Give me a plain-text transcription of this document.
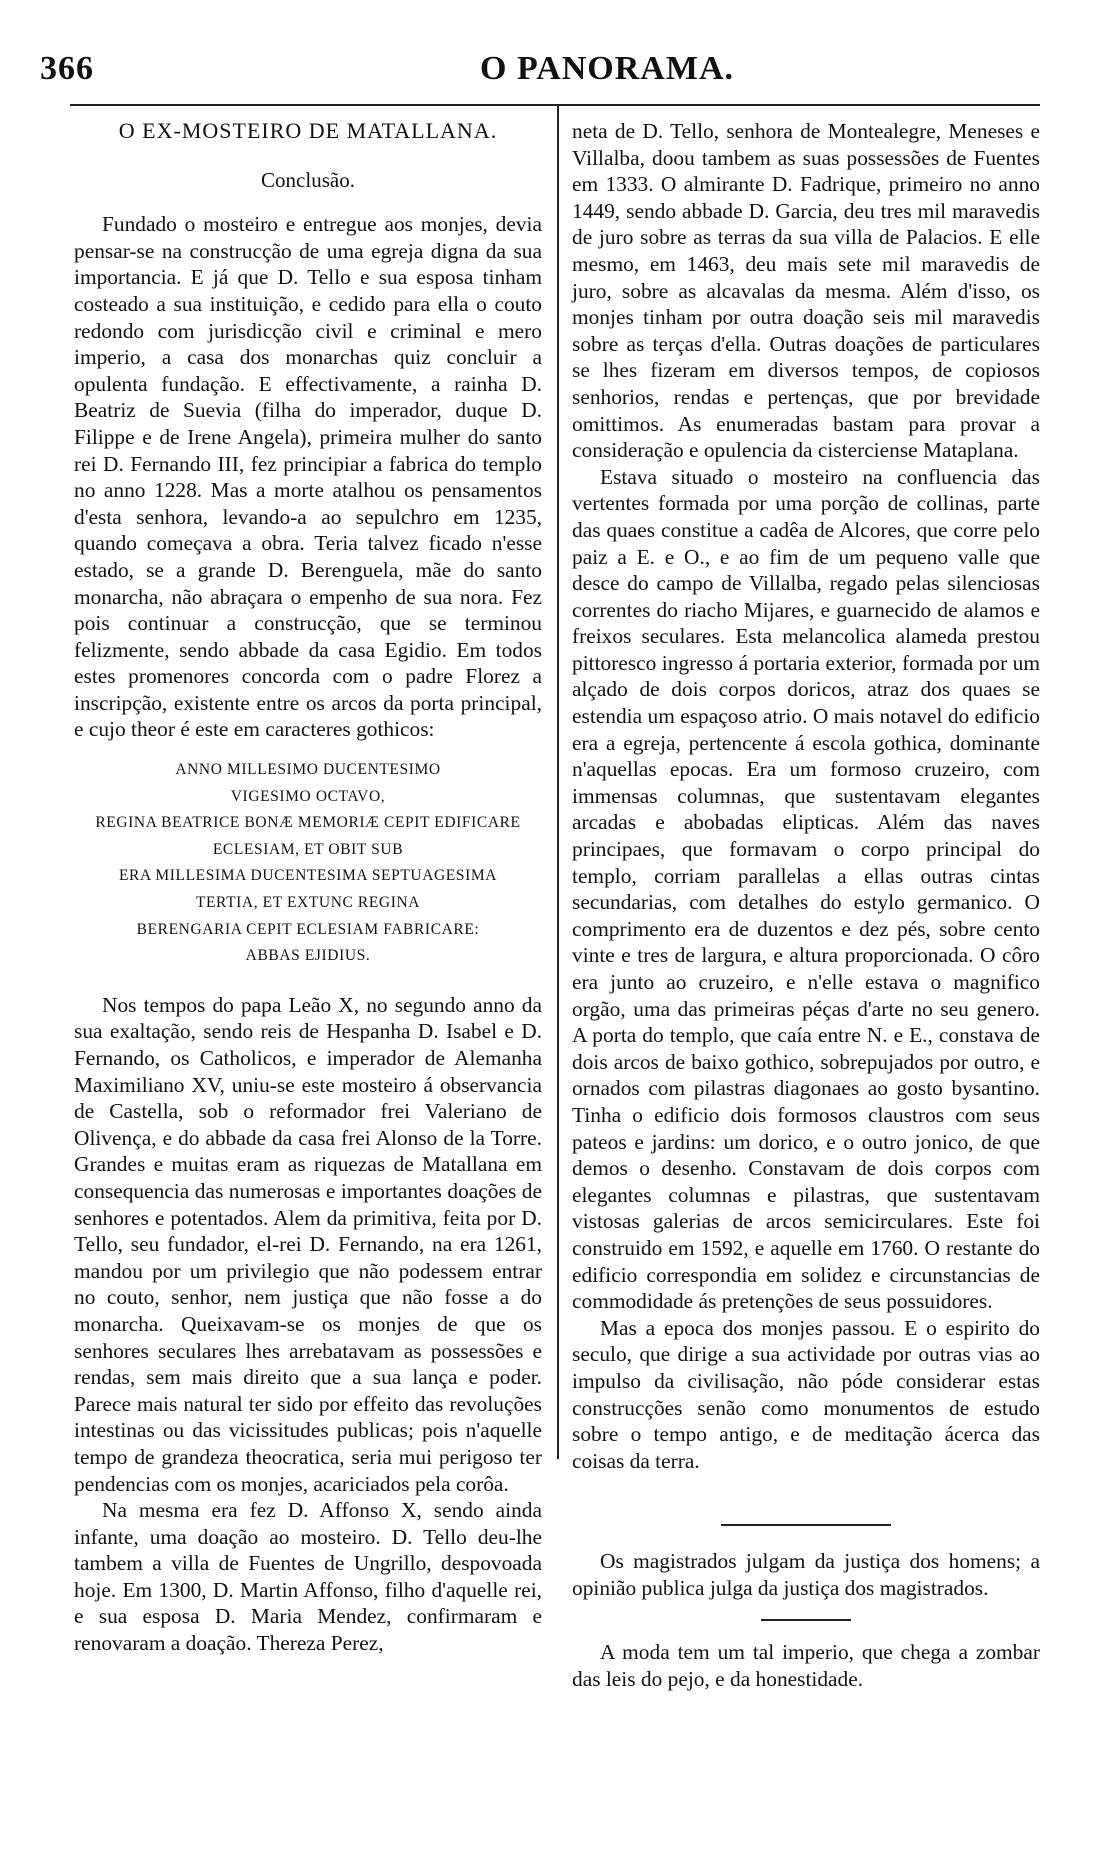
366	O PANORAMA.
O EX-MOSTEIRO DE MATALLANA.
Conclusão.

Fundado o mosteiro e entregue aos monjes, devia pensar-se na construcção de uma egreja digna da sua importancia. E já que D. Tello e sua esposa tinham costeado a sua instituição, e cedido para ella o couto redondo com jurisdicção civil e criminal e mero imperio, a casa dos monarchas quiz concluir a opulenta fundação. E effectivamente, a rainha D. Beatriz de Suevia (filha do imperador, duque D. Filippe e de Irene Angela), primeira mulher do santo rei D. Fernando III, fez principiar a fabrica do templo no anno 1228. Mas a morte atalhou os pensamentos d'esta senhora, levando-a ao sepulchro em 1235, quando começava a obra. Teria talvez ficado n'esse estado, se a grande D. Berenguela, mãe do santo monarcha, não abraçara o empenho de sua nora. Fez pois continuar a construcção, que se terminou felizmente, sendo abbade da casa Egidio. Em todos estes promenores concorda com o padre Florez a inscripção, existente entre os arcos da porta principal, e cujo theor é este em caracteres gothicos:

ANNO MILLESIMO DUCENTESIMO
VIGESIMO OCTAVO,
REGINA BEATRICE BONÆ MEMORIÆ CEPIT EDIFICARE
ECLESIAM, ET OBIT SUB
ERA MILLESIMA DUCENTESIMA SEPTUAGESIMA
TERTIA, ET EXTUNC REGINA
BERENGARIA CEPIT ECLESIAM FABRICARE:
ABBAS EJIDIUS.

Nos tempos do papa Leão X, no segundo anno da sua exaltação, sendo reis de Hespanha D. Isabel e D. Fernando, os Catholicos, e imperador de Alemanha Maximiliano XV, uniu-se este mosteiro á observancia de Castella, sob o reformador frei Valeriano de Olivença, e do abbade da casa frei Alonso de la Torre. Grandes e muitas eram as riquezas de Matallana em consequencia das numerosas e importantes doações de senhores e potentados. Alem da primitiva, feita por D. Tello, seu fundador, el-rei D. Fernando, na era 1261, mandou por um privilegio que não podessem entrar no couto, senhor, nem justiça que não fosse a do monarcha. Queixavam-se os monjes de que os senhores seculares lhes arrebatavam as possessões e rendas, sem mais direito que a sua lança e poder. Parece mais natural ter sido por effeito das revoluções intestinas ou das vicissitudes publicas; pois n'aquelle tempo de grandeza theocratica, seria mui perigoso ter pendencias com os monjes, acariciados pela corôa.

Na mesma era fez D. Affonso X, sendo ainda infante, uma doação ao mosteiro. D. Tello deu-lhe tambem a villa de Fuentes de Ungrillo, despovoada hoje. Em 1300, D. Martin Affonso, filho d'aquelle rei, e sua esposa D. Maria Mendez, confirmaram e renovaram a doação. Thereza Perez,

neta de D. Tello, senhora de Montealegre, Meneses e Villalba, doou tambem as suas possessões de Fuentes em 1333. O almirante D. Fadrique, primeiro no anno 1449, sendo abbade D. Garcia, deu tres mil maravedis de juro sobre as terras da sua villa de Palacios. E elle mesmo, em 1463, deu mais sete mil maravedis de juro, sobre as alcavalas da mesma. Além d'isso, os monjes tinham por outra doação seis mil maravedis sobre as terças d'ella. Outras doações de particulares se lhes fizeram em diversos tempos, de copiosos senhorios, rendas e pertenças, que por brevidade omittimos. As enumeradas bastam para provar a consideração e opulencia da cisterciense Mataplana.

Estava situado o mosteiro na confluencia das vertentes formada por uma porção de collinas, parte das quaes constitue a cadêa de Alcores, que corre pelo paiz a E. e O., e ao fim de um pequeno valle que desce do campo de Villalba, regado pelas silenciosas correntes do riacho Mijares, e guarnecido de alamos e freixos seculares. Esta melancolica alameda prestou pittoresco ingresso á portaria exterior, formada por um alçado de dois corpos doricos, atraz dos quaes se estendia um espaçoso atrio. O mais notavel do edificio era a egreja, pertencente á escola gothica, dominante n'aquellas epocas. Era um formoso cruzeiro, com immensas columnas, que sustentavam elegantes arcadas e abobadas elipticas. Além das naves principaes, que formavam o corpo principal do templo, corriam parallelas a ellas outras cintas secundarias, com detalhes do estylo germanico. O comprimento era de duzentos e dez pés, sobre cento vinte e tres de largura, e altura proporcionada. O côro era junto ao cruzeiro, e n'elle estava o magnifico orgão, uma das primeiras péças d'arte no seu genero. A porta do templo, que caía entre N. e E., constava de dois arcos de baixo gothico, sobrepujados por outro, e ornados com pilastras diagonaes ao gosto bysantino. Tinha o edificio dois formosos claustros com seus pateos e jardins: um dorico, e o outro jonico, de que demos o desenho. Constavam de dois corpos com elegantes columnas e pilastras, que sustentavam vistosas galerias de arcos semicirculares. Este foi construido em 1592, e aquelle em 1760. O restante do edificio correspondia em solidez e circunstancias de commodidade ás pretenções de seus possuidores.

Mas a epoca dos monjes passou. E o espirito do seculo, que dirige a sua actividade por outras vias ao impulso da civilisação, não póde considerar estas construcções senão como monumentos de estudo sobre o tempo antigo, e de meditação ácerca das coisas da terra.

Os magistrados julgam da justiça dos homens; a opinião publica julga da justiça dos magistrados.

A moda tem um tal imperio, que chega a zombar das leis do pejo, e da honestidade.
